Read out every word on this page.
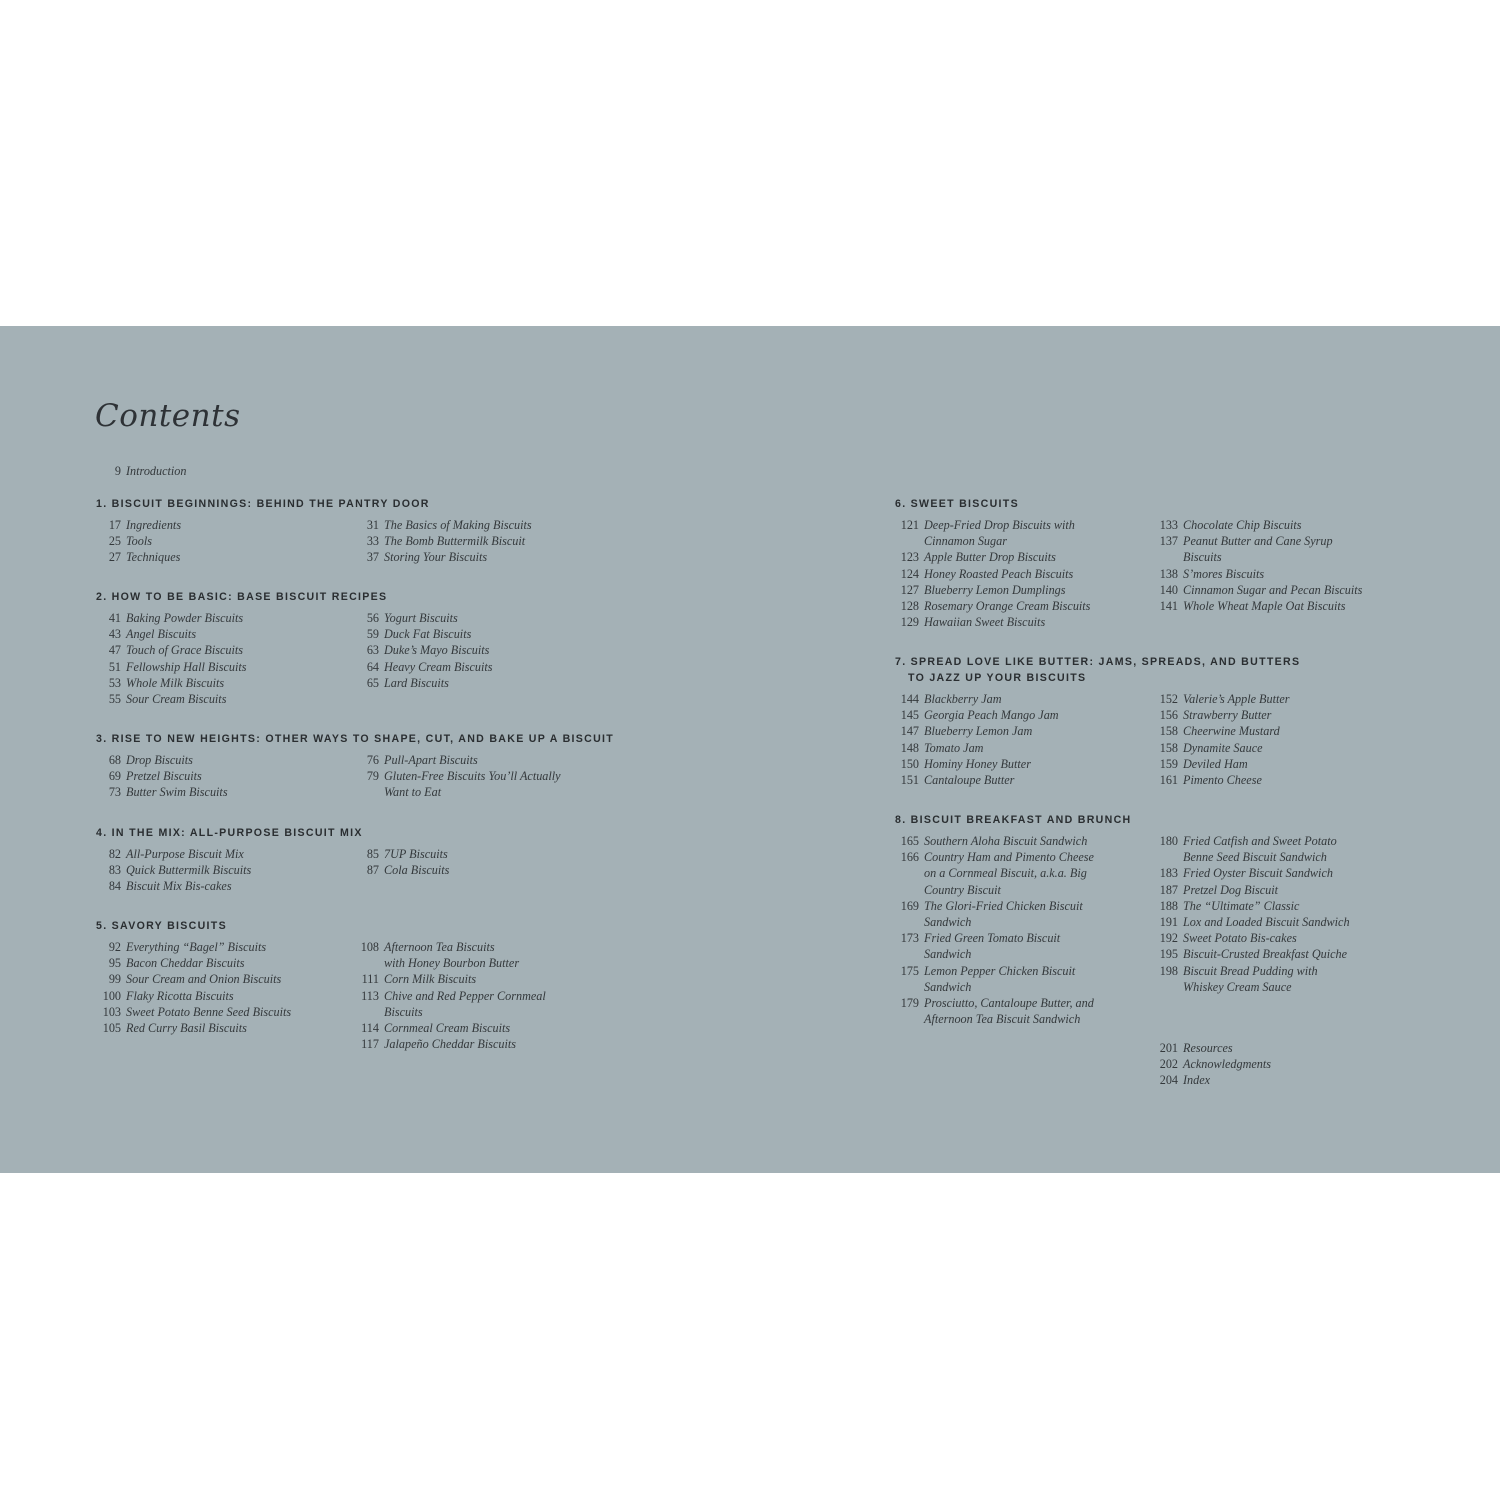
Contents
9 Introduction
1. BISCUIT BEGINNINGS: BEHIND THE PANTRY DOOR
17 Ingredients
25 Tools
27 Techniques
31 The Basics of Making Biscuits
33 The Bomb Buttermilk Biscuit
37 Storing Your Biscuits
2. HOW TO BE BASIC: BASE BISCUIT RECIPES
41 Baking Powder Biscuits
43 Angel Biscuits
47 Touch of Grace Biscuits
51 Fellowship Hall Biscuits
53 Whole Milk Biscuits
55 Sour Cream Biscuits
56 Yogurt Biscuits
59 Duck Fat Biscuits
63 Duke’s Mayo Biscuits
64 Heavy Cream Biscuits
65 Lard Biscuits
3. RISE TO NEW HEIGHTS: OTHER WAYS TO SHAPE, CUT, AND BAKE UP A BISCUIT
68 Drop Biscuits
69 Pretzel Biscuits
73 Butter Swim Biscuits
76 Pull-Apart Biscuits
79 Gluten-Free Biscuits You’ll Actually
Want to Eat
4. IN THE MIX: ALL-PURPOSE BISCUIT MIX
82 All-Purpose Biscuit Mix
83 Quick Buttermilk Biscuits
84 Biscuit Mix Bis-cakes
85 7UP Biscuits
87 Cola Biscuits
5. SAVORY BISCUITS
92 Everything “Bagel” Biscuits
95 Bacon Cheddar Biscuits
99 Sour Cream and Onion Biscuits
100 Flaky Ricotta Biscuits
103 Sweet Potato Benne Seed Biscuits
105 Red Curry Basil Biscuits
108 Afternoon Tea Biscuits
with Honey Bourbon Butter
111 Corn Milk Biscuits
113 Chive and Red Pepper Cornmeal
Biscuits
114 Cornmeal Cream Biscuits
117 Jalapeño Cheddar Biscuits
6. SWEET BISCUITS
121 Deep-Fried Drop Biscuits with
Cinnamon Sugar
123 Apple Butter Drop Biscuits
124 Honey Roasted Peach Biscuits
127 Blueberry Lemon Dumplings
128 Rosemary Orange Cream Biscuits
129 Hawaiian Sweet Biscuits
133 Chocolate Chip Biscuits
137 Peanut Butter and Cane Syrup
Biscuits
138 S’mores Biscuits
140 Cinnamon Sugar and Pecan Biscuits
141 Whole Wheat Maple Oat Biscuits
7. SPREAD LOVE LIKE BUTTER: JAMS, SPREADS, AND BUTTERS
TO JAZZ UP YOUR BISCUITS
144 Blackberry Jam
145 Georgia Peach Mango Jam
147 Blueberry Lemon Jam
148 Tomato Jam
150 Hominy Honey Butter
151 Cantaloupe Butter
152 Valerie’s Apple Butter
156 Strawberry Butter
158 Cheerwine Mustard
158 Dynamite Sauce
159 Deviled Ham
161 Pimento Cheese
8. BISCUIT BREAKFAST AND BRUNCH
165 Southern Aloha Biscuit Sandwich
166 Country Ham and Pimento Cheese
on a Cornmeal Biscuit, a.k.a. Big
Country Biscuit
169 The Glori-Fried Chicken Biscuit
Sandwich
173 Fried Green Tomato Biscuit
Sandwich
175 Lemon Pepper Chicken Biscuit
Sandwich
179 Prosciutto, Cantaloupe Butter, and
Afternoon Tea Biscuit Sandwich
180 Fried Catfish and Sweet Potato
Benne Seed Biscuit Sandwich
183 Fried Oyster Biscuit Sandwich
187 Pretzel Dog Biscuit
188 The “Ultimate” Classic
191 Lox and Loaded Biscuit Sandwich
192 Sweet Potato Bis-cakes
195 Biscuit-Crusted Breakfast Quiche
198 Biscuit Bread Pudding with
Whiskey Cream Sauce
201 Resources
202 Acknowledgments
204 Index
